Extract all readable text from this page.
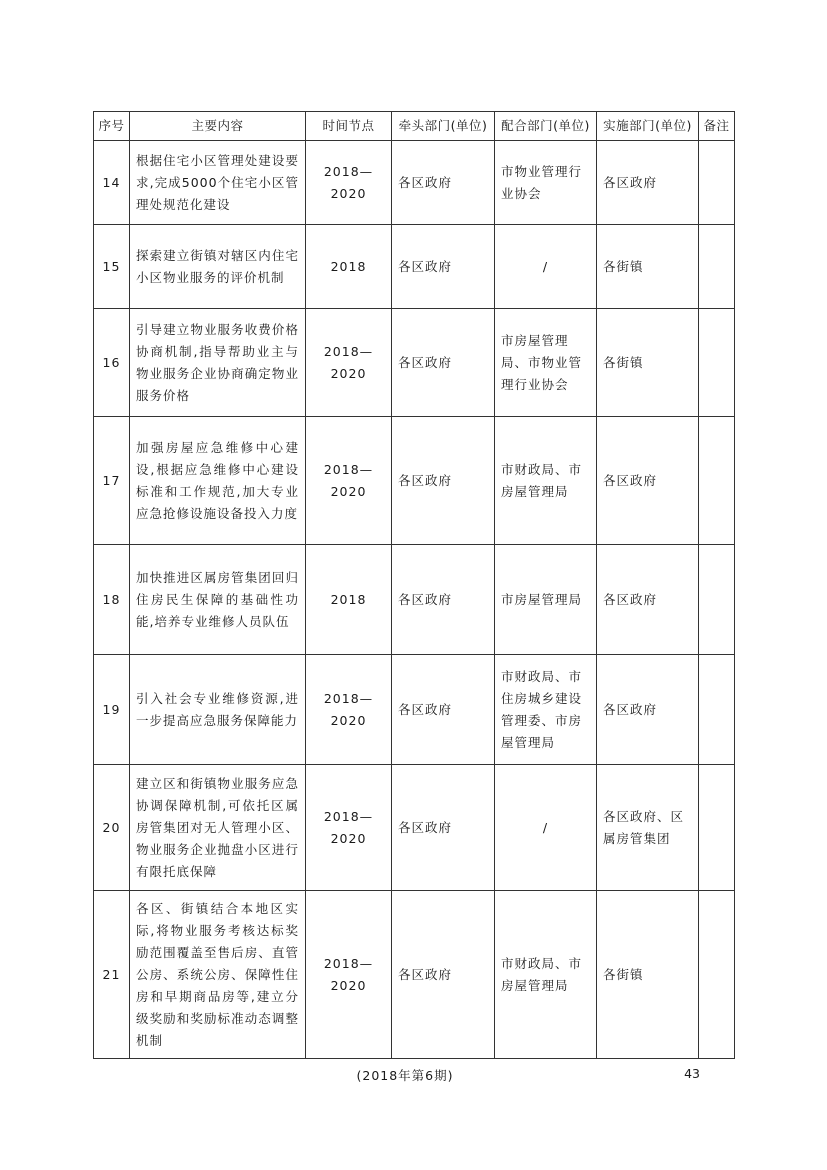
序号	主要内容	时间节点	牵头部门(单位)	配合部门(单位)	实施部门(单位)	备注
14	根据住宅小区管理处建设要求,完成5000个住宅小区管理处规范化建设	2018—2020	各区政府	市物业管理行业协会	各区政府	
15	探索建立街镇对辖区内住宅小区物业服务的评价机制	2018	各区政府	/	各街镇	
16	引导建立物业服务收费价格协商机制,指导帮助业主与物业服务企业协商确定物业服务价格	2018—2020	各区政府	市房屋管理局、市物业管理行业协会	各街镇	
17	加强房屋应急维修中心建设,根据应急维修中心建设标准和工作规范,加大专业应急抢修设施设备投入力度	2018—2020	各区政府	市财政局、市房屋管理局	各区政府	
18	加快推进区属房管集团回归住房民生保障的基础性功能,培养专业维修人员队伍	2018	各区政府	市房屋管理局	各区政府	
19	引入社会专业维修资源,进一步提高应急服务保障能力	2018—2020	各区政府	市财政局、市住房城乡建设管理委、市房屋管理局	各区政府	
20	建立区和街镇物业服务应急协调保障机制,可依托区属房管集团对无人管理小区、物业服务企业抛盘小区进行有限托底保障	2018—2020	各区政府	/	各区政府、区属房管集团	
21	各区、街镇结合本地区实际,将物业服务考核达标奖励范围覆盖至售后房、直管公房、系统公房、保障性住房和早期商品房等,建立分级奖励和奖励标准动态调整机制	2018—2020	各区政府	市财政局、市房屋管理局	各街镇	
(2018年第6期)	43
